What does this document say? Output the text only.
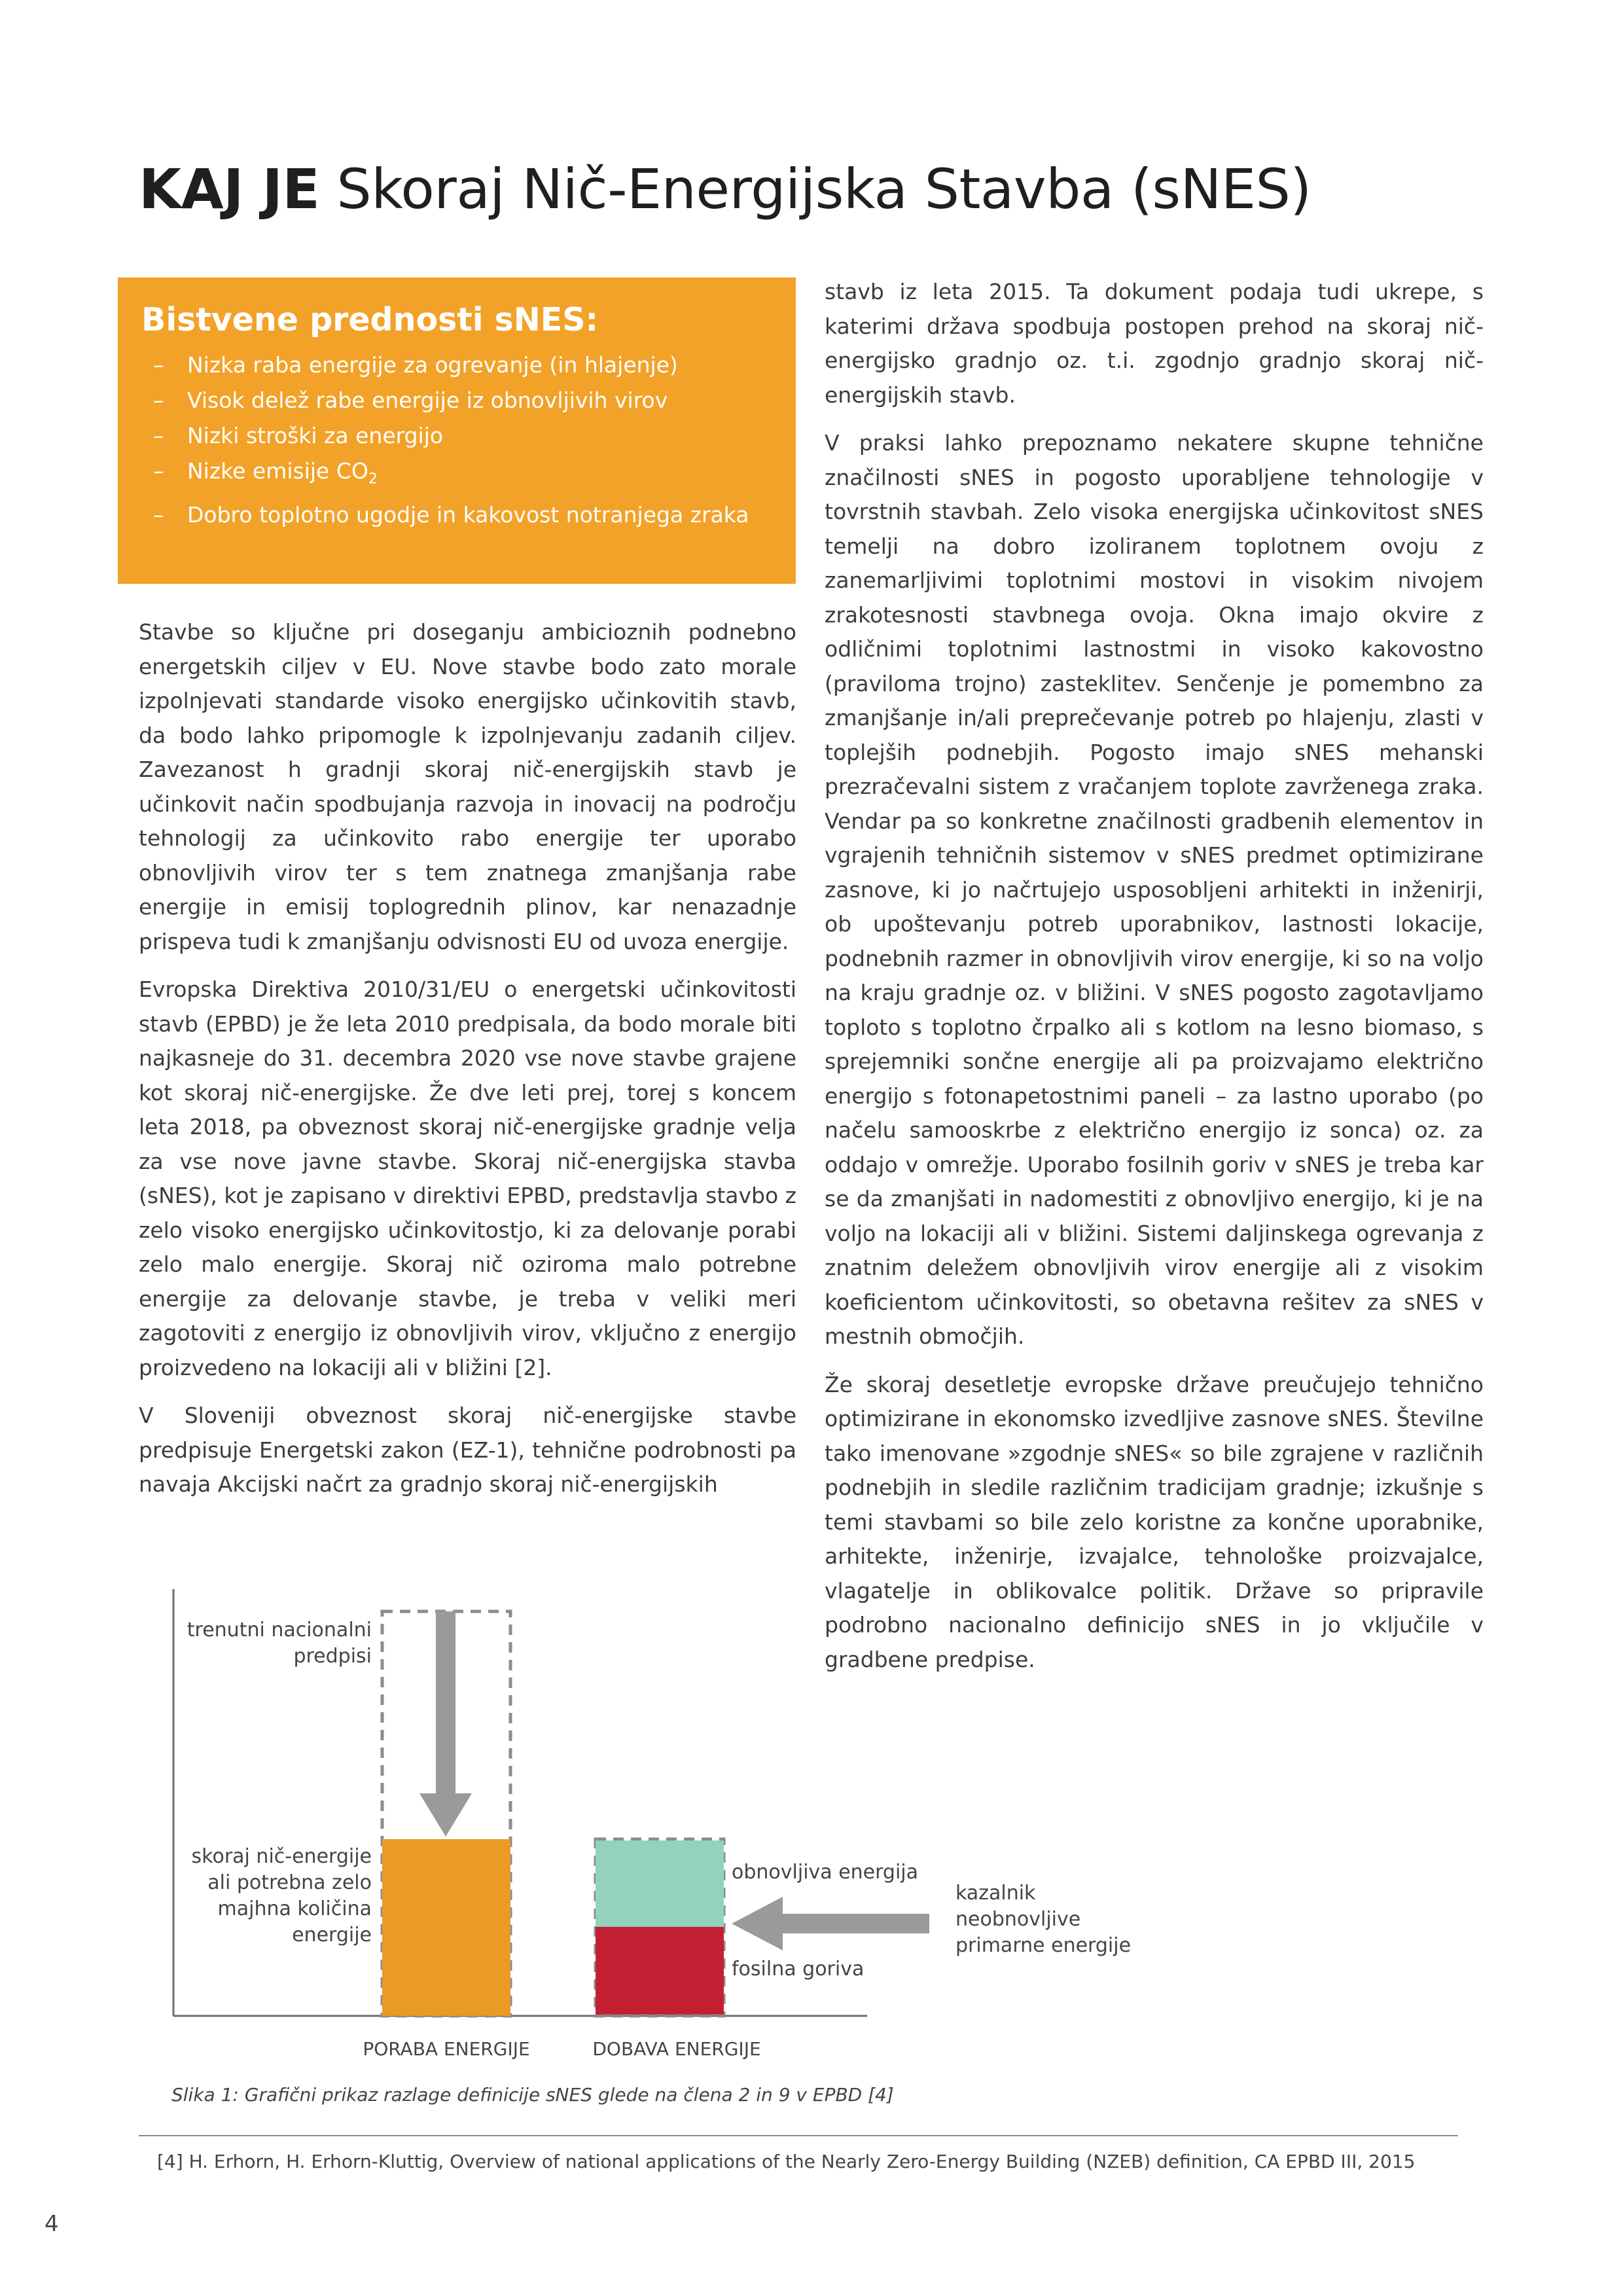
KAJ JE Skoraj Nič-Energijska Stavba (sNES)
Bistvene prednosti sNES:
– Nizka raba energije za ogrevanje (in hlajenje)
– Visok delež rabe energije iz obnovljivih virov
– Nizki stroški za energijo
– Nizke emisije $CO_2$
– Dobro toplotno ugodje in kakovost notranjega zraka

Stavbe so ključne pri doseganju ambicioznih podnebno energetskih ciljev v EU. Nove stavbe bodo zato morale izpolnjevati standarde visoko energijsko učinkovitih stavb, da bodo lahko pripomogle k izpolnjevanju zadanih ciljev. Zavezanost h gradnji skoraj nič-energijskih stavb je učinkovit način spodbujanja razvoja in inovacij na področju tehnologij za učinkovito rabo energije ter uporabo obnovljivih virov ter s tem znatnega zmanjšanja rabe energije in emisij toplogrednih plinov, kar nenazadnje prispeva tudi k zmanjšanju odvisnosti EU od uvoza energije.

Evropska Direktiva 2010/31/EU o energetski učinkovitosti stavb (EPBD) je že leta 2010 predpisala, da bodo morale biti najkasneje do 31. decembra 2020 vse nove stavbe grajene kot skoraj nič-energijske. Že dve leti prej, torej s koncem leta 2018, pa obveznost skoraj nič-energijske gradnje velja za vse nove javne stavbe. Skoraj nič-energijska stavba (sNES), kot je zapisano v direktivi EPBD, predstavlja stavbo z zelo visoko energijsko učinkovitostjo, ki za delovanje porabi zelo malo energije. Skoraj nič oziroma malo potrebne energije za delovanje stavbe, je treba v veliki meri zagotoviti z energijo iz obnovljivih virov, vključno z energijo proizvedeno na lokaciji ali v bližini [2].

V Sloveniji obveznost skoraj nič-energijske stavbe predpisuje Energetski zakon (EZ-1), tehnične podrobnosti pa navaja Akcijski načrt za gradnjo skoraj nič-energijskih

stavb iz leta 2015. Ta dokument podaja tudi ukrepe, s katerimi država spodbuja postopen prehod na skoraj nič-energijsko gradnjo oz. t.i. zgodnjo gradnjo skoraj nič-energijskih stavb.

V praksi lahko prepoznamo nekatere skupne tehnične značilnosti sNES in pogosto uporabljene tehnologije v tovrstnih stavbah. Zelo visoka energijska učinkovitost sNES temelji na dobro izoliranem toplotnem ovoju z zanemarljivimi toplotnimi mostovi in visokim nivojem zrakotesnosti stavbnega ovoja. Okna imajo okvire z odličnimi toplotnimi lastnostmi in visoko kakovostno (praviloma trojno) zasteklitev. Senčenje je pomembno za zmanjšanje in/ali preprečevanje potreb po hlajenju, zlasti v toplejših podnebjih. Pogosto imajo sNES mehanski prezračevalni sistem z vračanjem toplote zavrženega zraka. Vendar pa so konkretne značilnosti gradbenih elementov in vgrajenih tehničnih sistemov v sNES predmet optimizirane zasnove, ki jo načrtujejo usposobljeni arhitekti in inženirji, ob upoštevanju potreb uporabnikov, lastnosti lokacije, podnebnih razmer in obnovljivih virov energije, ki so na voljo na kraju gradnje oz. v bližini. V sNES pogosto zagotavljamo toploto s toplotno črpalko ali s kotlom na lesno biomaso, s sprejemniki sončne energije ali pa proizvajamo električno energijo s fotonapetostnimi paneli – za lastno uporabo (po načelu samooskrbe z električno energijo iz sonca) oz. za oddajo v omrežje. Uporabo fosilnih goriv v sNES je treba kar se da zmanjšati in nadomestiti z obnovljivo energijo, ki je na voljo na lokaciji ali v bližini. Sistemi daljinskega ogrevanja z znatnim deležem obnovljivih virov energije ali z visokim koeficientom učinkovitosti, so obetavna rešitev za sNES v mestnih območjih.

Že skoraj desetletje evropske države preučujejo tehnično optimizirane in ekonomsko izvedljive zasnove sNES. Številne tako imenovane »zgodnje sNES« so bile zgrajene v različnih podnebjih in sledile različnim tradicijam gradnje; izkušnje s temi stavbami so bile zelo koristne za končne uporabnike, arhitekte, inženirje, izvajalce, tehnološke proizvajalce, vlagatelje in oblikovalce politik. Države so pripravile podrobno nacionalno definicijo sNES in jo vključile v gradbene predpise.

trenutni nacionalni
predpisi
skoraj nič-energije
ali potrebna zelo
majhna količina
energije
obnovljiva energija
fosilna goriva
kazalnik
neobnovljive
primarne energije
PORABA ENERGIJE	DOBAVA ENERGIJE
Slika 1: Grafični prikaz razlage definicije sNES glede na člena 2 in 9 v EPBD [4]
[4] H. Erhorn, H. Erhorn-Kluttig, Overview of national applications of the Nearly Zero-Energy Building (NZEB) definition, CA EPBD III, 2015
4
